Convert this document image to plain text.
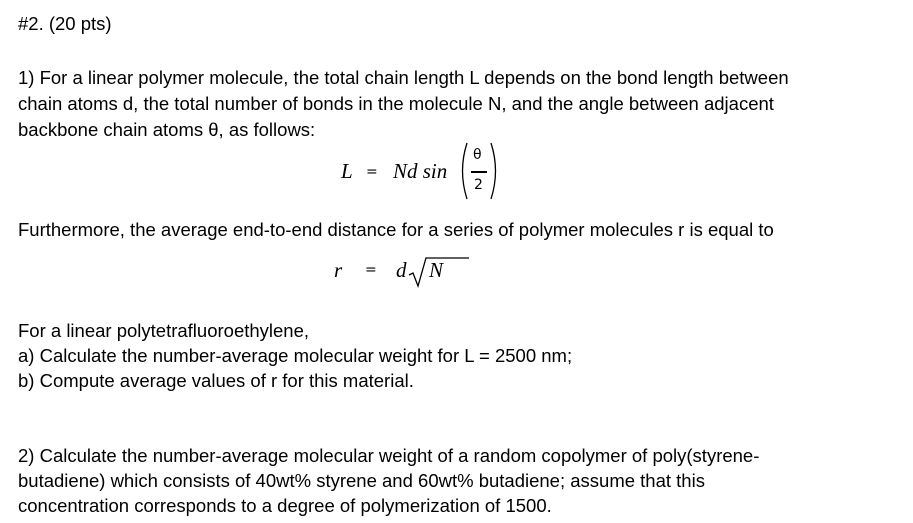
#2. (20 pts)
1) For a linear polymer molecule, the total chain length L depends on the bond length between
chain atoms d, the total number of bonds in the molecule N, and the angle between adjacent
backbone chain atoms θ, as follows:
L = Nd sin
θ
2
Furthermore, the average end-to-end distance for a series of polymer molecules r is equal to
r = d N
For a linear polytetrafluoroethylene,
a) Calculate the number-average molecular weight for L = 2500 nm;
b) Compute average values of r for this material.
2) Calculate the number-average molecular weight of a random copolymer of poly(styrene-
butadiene) which consists of 40wt% styrene and 60wt% butadiene; assume that this
concentration corresponds to a degree of polymerization of 1500.
